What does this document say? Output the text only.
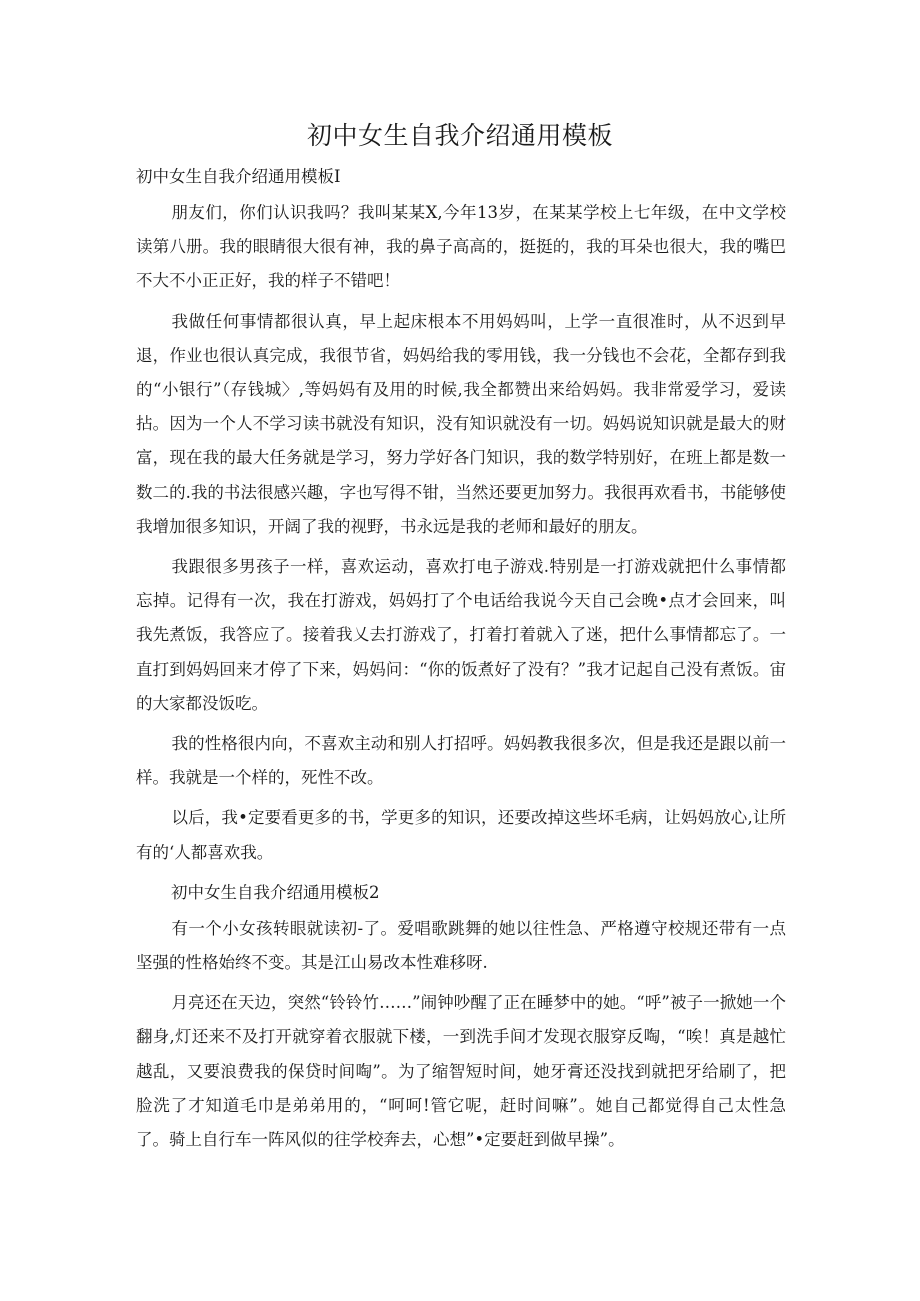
初中女生自我介绍通用模板
初中女生自我介绍通用模板I

朋友们，你们认识我吗？我叫某某X,今年13岁，在某某学校上七年级，在中文学校读第八册。我的眼睛很大很有神，我的鼻子高高的，挺挺的，我的耳朵也很大，我的嘴巴不大不小正正好，我的样子不错吧！

我做任何事情都很认真，早上起床根本不用妈妈叫，上学一直很准时，从不迟到早退，作业也很认真完成，我很节省，妈妈给我的零用钱，我一分钱也不会花，全都存到我的“小银行”（存钱城〉,等妈妈有及用的时候,我全都赞出来给妈妈。我非常爱学习，爱读拈。因为一个人不学习读书就没有知识，没有知识就没有一切。妈妈说知识就是最大的财富，现在我的最大任务就是学习，努力学好各门知识，我的数学特别好，在班上都是数一数二的.我的书法很感兴趣，字也写得不钳，当然还要更加努力。我很再欢看书，书能够使我增加很多知识，开阔了我的视野，书永远是我的老师和最好的朋友。

我跟很多男孩子一样，喜欢运动，喜欢打电子游戏.特别是一打游戏就把什么事情都忘掉。记得有一次，我在打游戏，妈妈打了个电话给我说今天自己会晚•点才会回来，叫我先煮饭，我答应了。接着我乂去打游戏了，打着打着就入了迷，把什么事情都忘了。一直打到妈妈回来才停了下来，妈妈问：“你的饭煮好了没有？”我才记起自己没有煮饭。宙的大家都没饭吃。

我的性格很内向，不喜欢主动和别人打招呼。妈妈教我很多次，但是我还是跟以前一样。我就是一个样的，死性不改。

以后，我•定要看更多的书，学更多的知识，还要改掉这些坏毛病，让妈妈放心,让所有的‘人都喜欢我。

初中女生自我介绍通用模板2

有一个小女孩转眼就读初-了。爱唱歌跳舞的她以往性急、严格遵守校规还带有一点坚强的性格始终不变。其是江山易改本性难移呀.

月亮还在天边，突然“铃铃竹……”闹钟吵醒了正在睡梦中的她。“呼”被子一掀她一个翻身,灯还来不及打开就穿着衣服就下楼，一到洗手间才发现衣服穿反啕，“唉！真是越忙越乱，又要浪费我的保贷时间啕”。为了缩智短时间，她牙膏还没找到就把牙给刷了，把脸洗了才知道毛巾是弟弟用的，“呵呵!管它呢，赶时间嘛”。她自己都觉得自己太性急了。骑上自行车一阵风似的往学校奔去，心想”•定要赶到做早操”。
